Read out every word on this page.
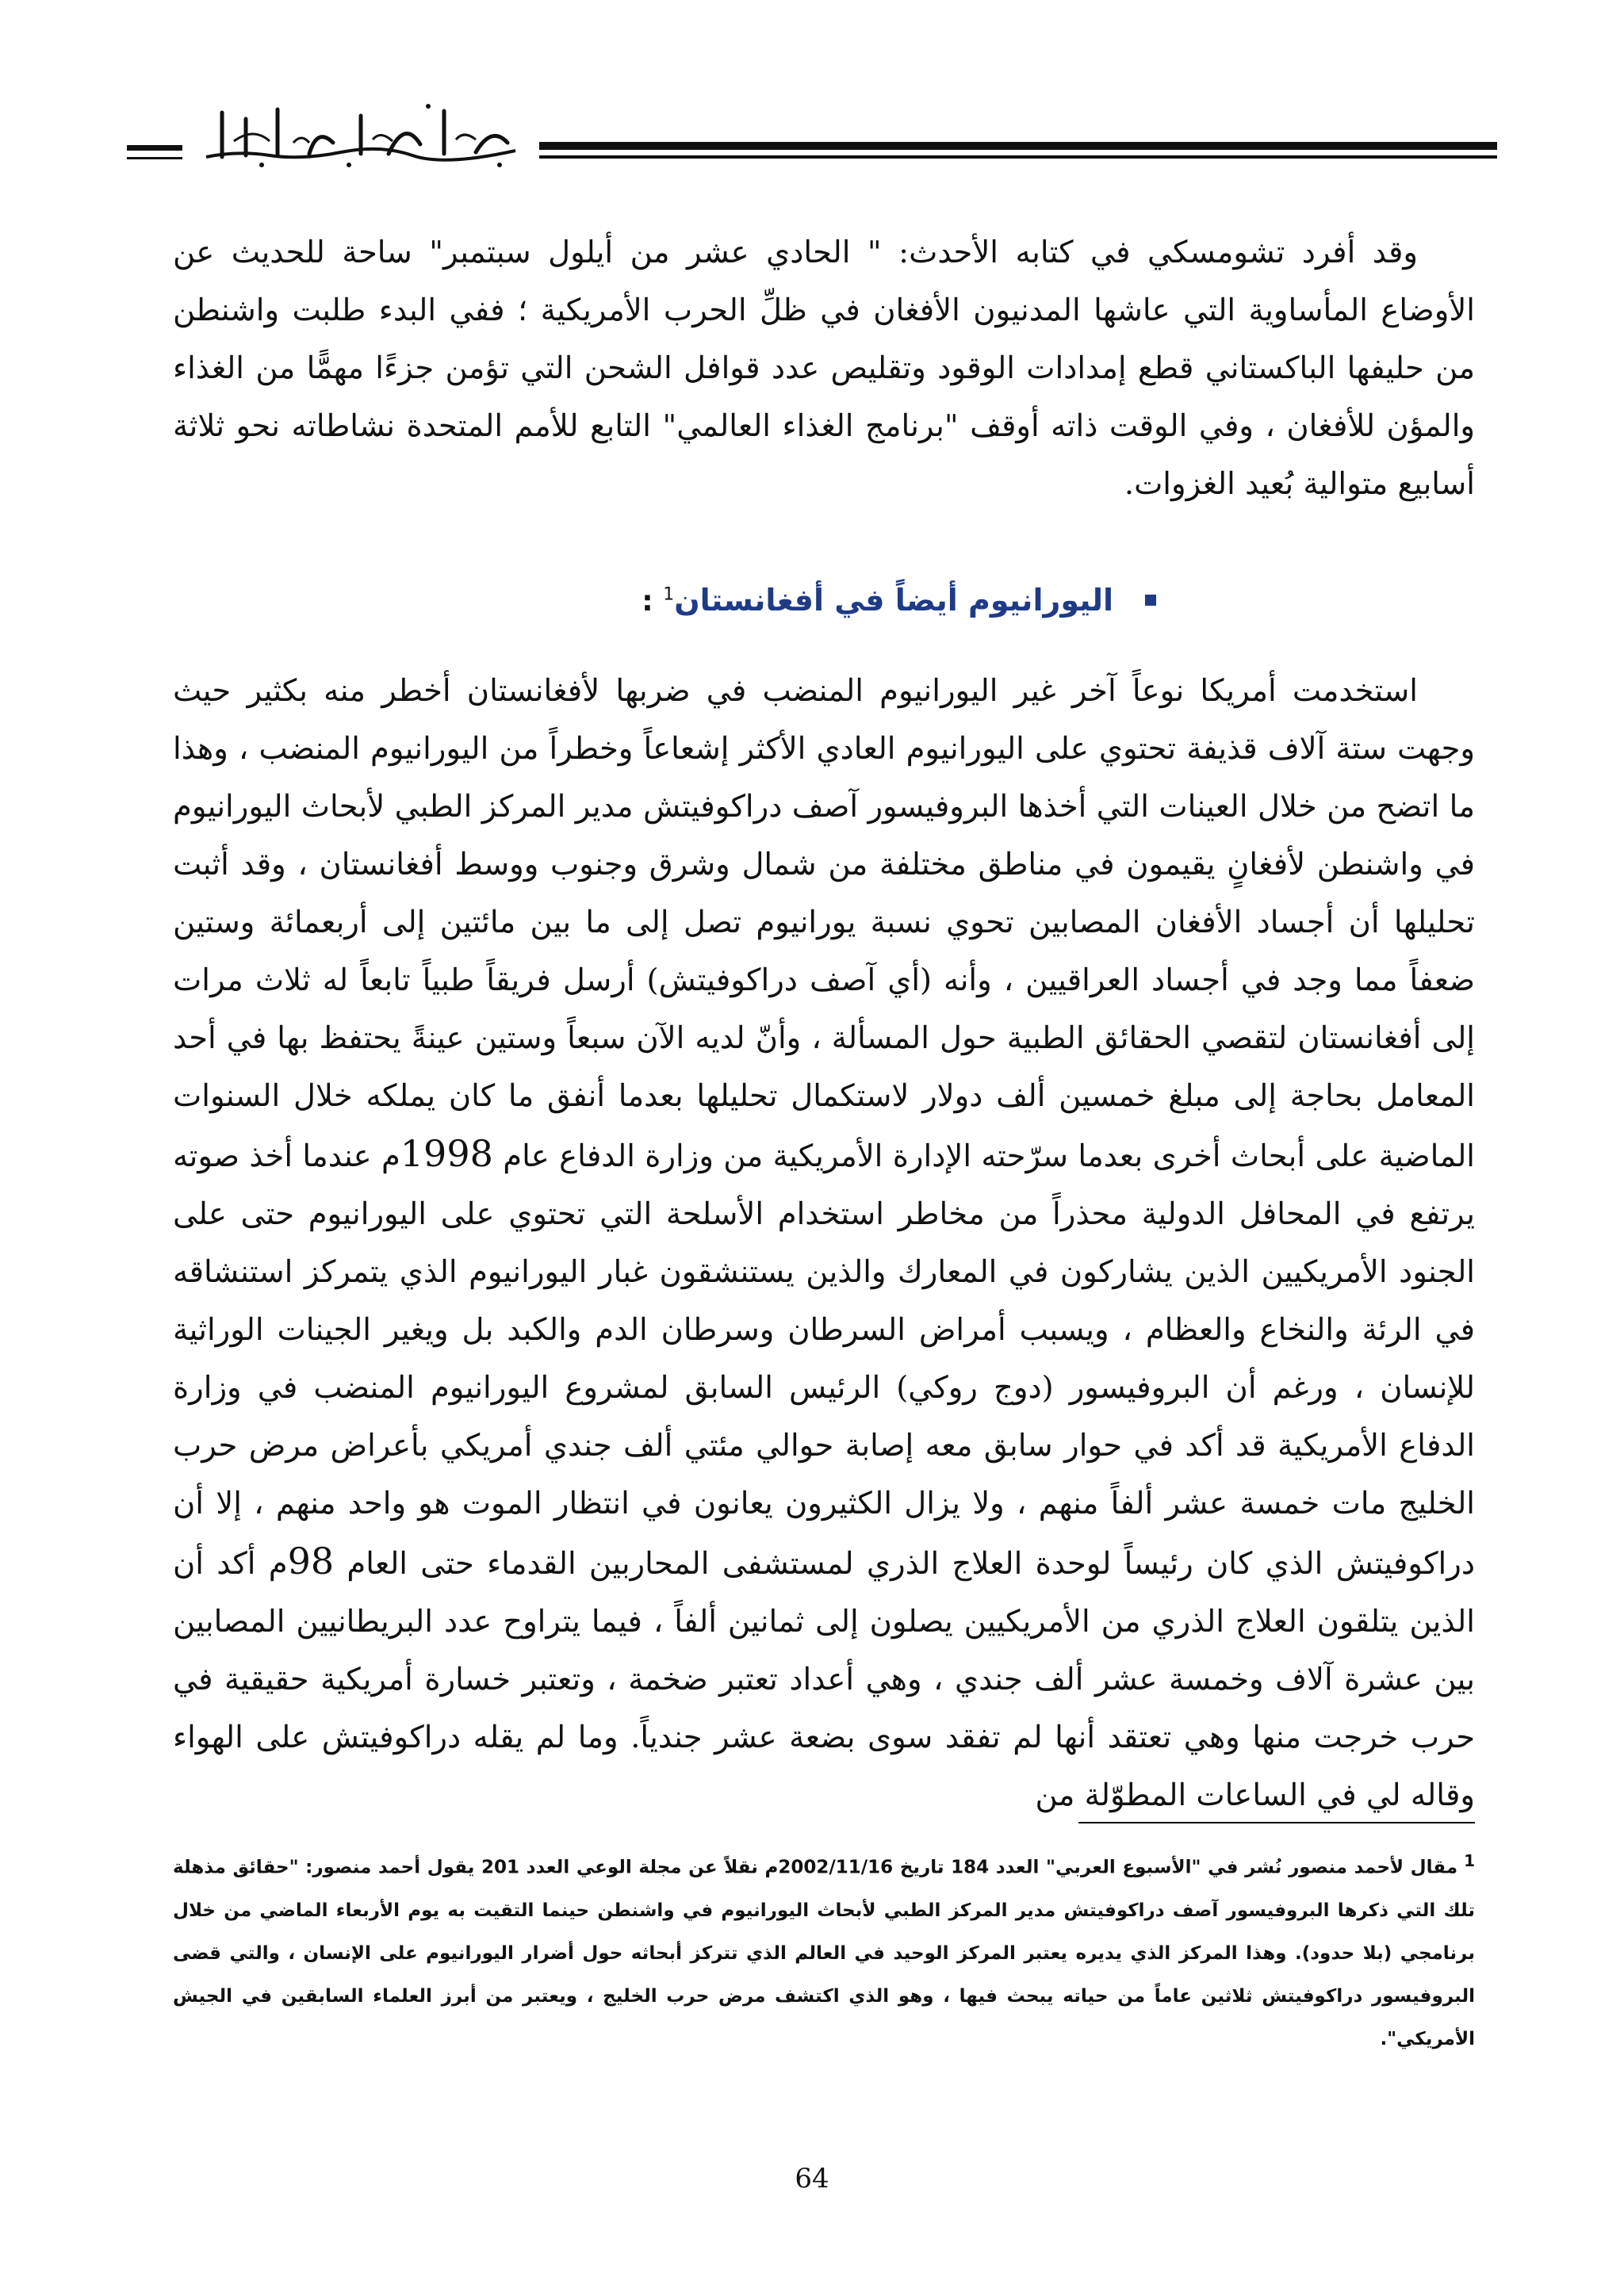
وقد أفرد تشومسكي في كتابه الأحدث: " الحادي عشر من أيلول سبتمبر" ساحة للحديث عن الأوضاع المأساوية التي عاشها المدنيون الأفغان في ظلِّ الحرب الأمريكية ؛ ففي البدء طلبت واشنطن من حليفها الباكستاني قطع إمدادات الوقود وتقليص عدد قوافل الشحن التي تؤمن جزءًا مهمًّا من الغذاء والمؤن للأفغان ، وفي الوقت ذاته أوقف "برنامج الغذاء العالمي" التابع للأمم المتحدة نشاطاته نحو ثلاثة أسابيع متوالية بُعيد الغزوات.

اليورانيوم أيضاً في أفغانستان$^1$ :

استخدمت أمريكا نوعاً آخر غير اليورانيوم المنضب في ضربها لأفغانستان أخطر منه بكثير حيث وجهت ستة آلاف قذيفة تحتوي على اليورانيوم العادي الأكثر إشعاعاً وخطراً من اليورانيوم المنضب ، وهذا ما اتضح من خلال العينات التي أخذها البروفيسور آصف دراكوفيتش مدير المركز الطبي لأبحاث اليورانيوم في واشنطن لأفغانٍ يقيمون في مناطق مختلفة من شمال وشرق وجنوب ووسط أفغانستان ، وقد أثبت تحليلها أن أجساد الأفغان المصابين تحوي نسبة يورانيوم تصل إلى ما بين مائتين إلى أربعمائة وستين ضعفاً مما وجد في أجساد العراقيين ، وأنه (أي آصف دراكوفيتش) أرسل فريقاً طبياً تابعاً له ثلاث مرات إلى أفغانستان لتقصي الحقائق الطبية حول المسألة ، وأنّ لديه الآن سبعاً وستين عينةً يحتفظ بها في أحد المعامل بحاجة إلى مبلغ خمسين ألف دولار لاستكمال تحليلها بعدما أنفق ما كان يملكه خلال السنوات الماضية على أبحاث أخرى بعدما سرّحته الإدارة الأمريكية من وزارة الدفاع عام 1998م عندما أخذ صوته يرتفع في المحافل الدولية محذراً من مخاطر استخدام الأسلحة التي تحتوي على اليورانيوم حتى على الجنود الأمريكيين الذين يشاركون في المعارك والذين يستنشقون غبار اليورانيوم الذي يتمركز استنشاقه في الرئة والنخاع والعظام ، ويسبب أمراض السرطان وسرطان الدم والكبد بل ويغير الجينات الوراثية للإنسان ، ورغم أن البروفيسور (دوج روكي) الرئيس السابق لمشروع اليورانيوم المنضب في وزارة الدفاع الأمريكية قد أكد في حوار سابق معه إصابة حوالي مئتي ألف جندي أمريكي بأعراض مرض حرب الخليج مات خمسة عشر ألفاً منهم ، ولا يزال الكثيرون يعانون في انتظار الموت هو واحد منهم ، إلا أن دراكوفيتش الذي كان رئيساً لوحدة العلاج الذري لمستشفى المحاربين القدماء حتى العام 98م أكد أن الذين يتلقون العلاج الذري من الأمريكيين يصلون إلى ثمانين ألفاً ، فيما يتراوح عدد البريطانيين المصابين بين عشرة آلاف وخمسة عشر ألف جندي ، وهي أعداد تعتبر ضخمة ، وتعتبر خسارة أمريكية حقيقية في حرب خرجت منها وهي تعتقد أنها لم تفقد سوى بضعة عشر جندياً. وما لم يقله دراكوفيتش على الهواء وقاله لي في الساعات المطوّلة من

1مقال لأحمد منصور نُشر في "الأسبوع العربي" العدد 184 تاريخ 2002/11/16م نقلاً عن مجلة الوعي العدد 201 يقول أحمد منصور: "حقائق مذهلة تلك التي ذكرها البروفيسور آصف دراكوفيتش مدير المركز الطبي لأبحاث اليورانيوم في واشنطن حينما التقيت به يوم الأربعاء الماضي من خلال برنامجي (بلا حدود). وهذا المركز الذي يديره يعتبر المركز الوحيد في العالم الذي تتركز أبحاثه حول أضرار اليورانيوم على الإنسان ، والتي قضى البروفيسور دراكوفيتش ثلاثين عاماً من حياته يبحث فيها ، وهو الذي اكتشف مرض حرب الخليج ، ويعتبر من أبرز العلماء السابقين في الجيش الأمريكي".
64
